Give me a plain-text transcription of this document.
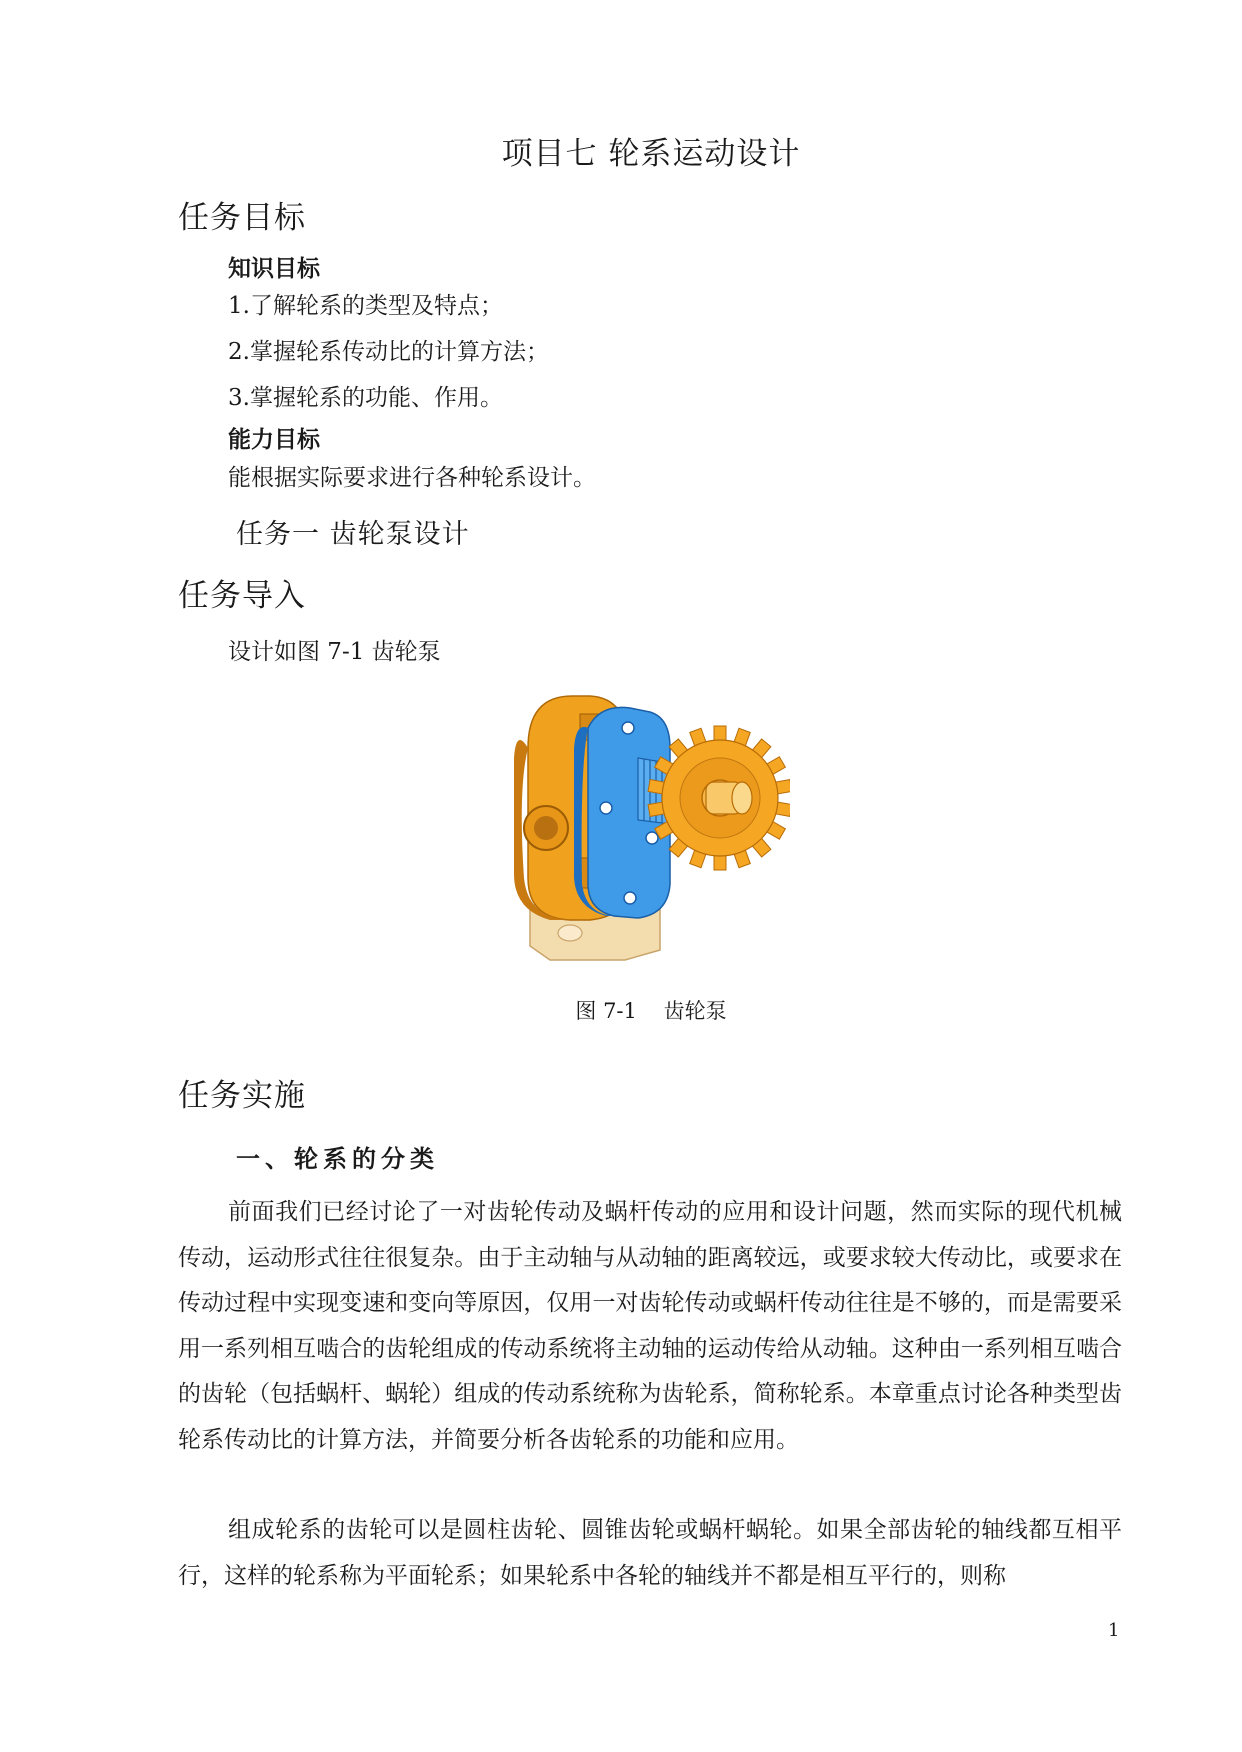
项目七 轮系运动设计
任务目标
知识目标
1.了解轮系的类型及特点；
2.掌握轮系传动比的计算方法；
3.掌握轮系的功能、作用。
能力目标
能根据实际要求进行各种轮系设计。
任务一 齿轮泵设计
任务导入
设计如图 7-1 齿轮泵
图 7-1    齿轮泵
任务实施
一、轮系的分类

前面我们已经讨论了一对齿轮传动及蜗杆传动的应用和设计问题，然而实际的现代机械传动，运动形式往往很复杂。由于主动轴与从动轴的距离较远，或要求较大传动比，或要求在传动过程中实现变速和变向等原因，仅用一对齿轮传动或蜗杆传动往往是不够的，而是需要采用一系列相互啮合的齿轮组成的传动系统将主动轴的运动传给从动轴。这种由一系列相互啮合的齿轮（包括蜗杆、蜗轮）组成的传动系统称为齿轮系，简称轮系。本章重点讨论各种类型齿轮系传动比的计算方法，并简要分析各齿轮系的功能和应用。

组成轮系的齿轮可以是圆柱齿轮、圆锥齿轮或蜗杆蜗轮。如果全部齿轮的轴线都互相平行，这样的轮系称为平面轮系；如果轮系中各轮的轴线并不都是相互平行的，则称

1
